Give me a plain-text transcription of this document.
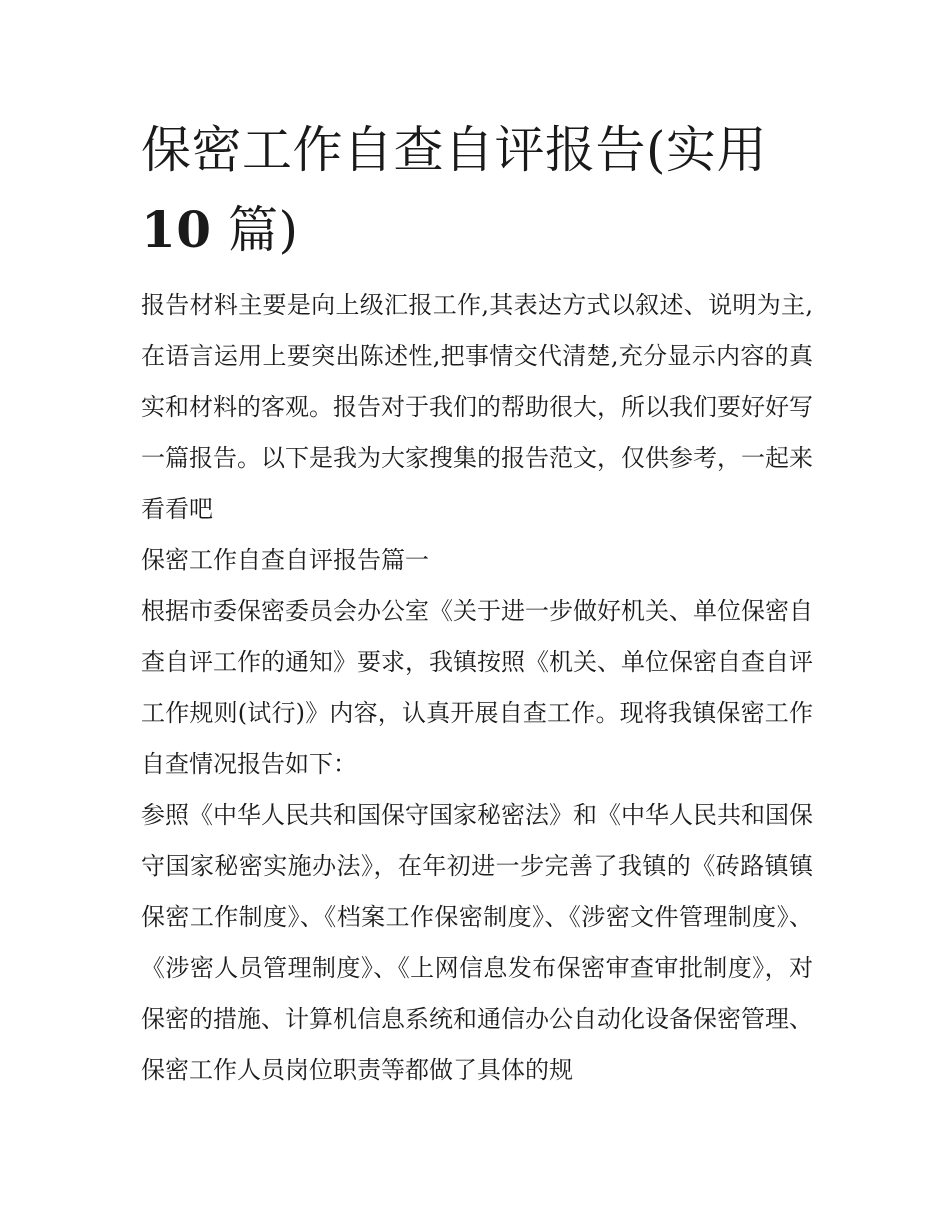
保密工作自查自评报告(实用
10 篇)

报告材料主要是向上级汇报工作,其表达方式以叙述、说明为主,在语言运用上要突出陈述性,把事情交代清楚,充分显示内容的真实和材料的客观。报告对于我们的帮助很大，所以我们要好好写一篇报告。以下是我为大家搜集的报告范文，仅供参考，一起来看看吧

保密工作自查自评报告篇一

根据市委保密委员会办公室《关于进一步做好机关、单位保密自查自评工作的通知》要求，我镇按照《机关、单位保密自查自评工作规则(试行)》内容，认真开展自查工作。现将我镇保密工作自查情况报告如下：

参照《中华人民共和国保守国家秘密法》和《中华人民共和国保守国家秘密实施办法》，在年初进一步完善了我镇的《砖路镇镇保密工作制度》、《档案工作保密制度》、《涉密文件管理制度》、《涉密人员管理制度》、《上网信息发布保密审查审批制度》，对保密的措施、计算机信息系统和通信办公自动化设备保密管理、保密工作人员岗位职责等都做了具体的规
